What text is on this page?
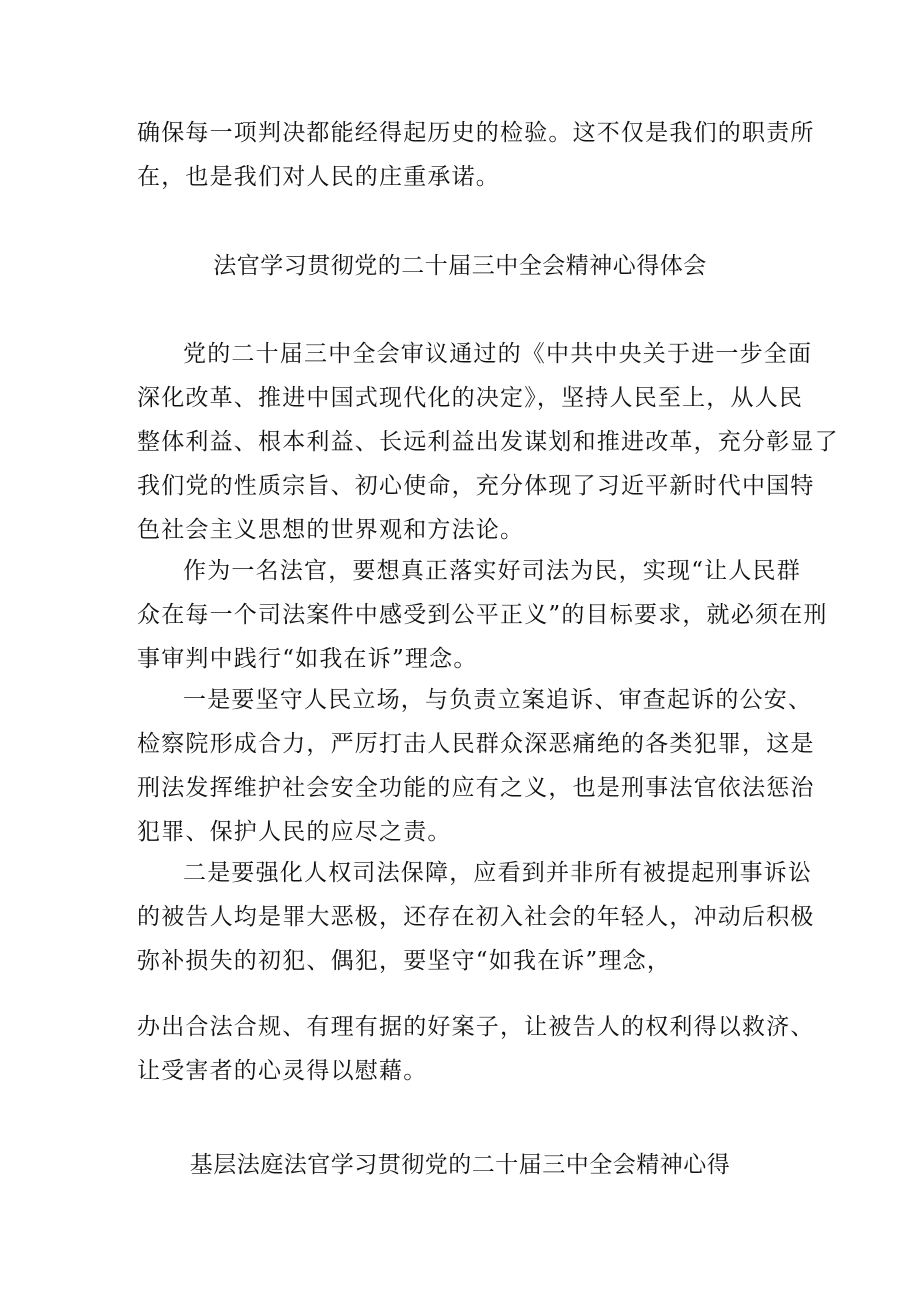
确保每一项判决都能经得起历史的检验。这不仅是我们的职责所
在，也是我们对人民的庄重承诺。
法官学习贯彻党的二十届三中全会精神心得体会
党的二十届三中全会审议通过的《中共中央关于进一步全面
深化改革、推进中国式现代化的决定》，坚持人民至上，从人民
整体利益、根本利益、长远利益出发谋划和推进改革，充分彰显了
我们党的性质宗旨、初心使命，充分体现了习近平新时代中国特
色社会主义思想的世界观和方法论。
作为一名法官，要想真正落实好司法为民，实现“让人民群
众在每一个司法案件中感受到公平正义”的目标要求，就必须在刑
事审判中践行“如我在诉”理念。
一是要坚守人民立场，与负责立案追诉、审查起诉的公安、
检察院形成合力，严厉打击人民群众深恶痛绝的各类犯罪，这是
刑法发挥维护社会安全功能的应有之义，也是刑事法官依法惩治
犯罪、保护人民的应尽之责。
二是要强化人权司法保障，应看到并非所有被提起刑事诉讼
的被告人均是罪大恶极，还存在初入社会的年轻人，冲动后积极
弥补损失的初犯、偶犯，要坚守“如我在诉”理念，
办出合法合规、有理有据的好案子，让被告人的权利得以救济、
让受害者的心灵得以慰藉。
基层法庭法官学习贯彻党的二十届三中全会精神心得
